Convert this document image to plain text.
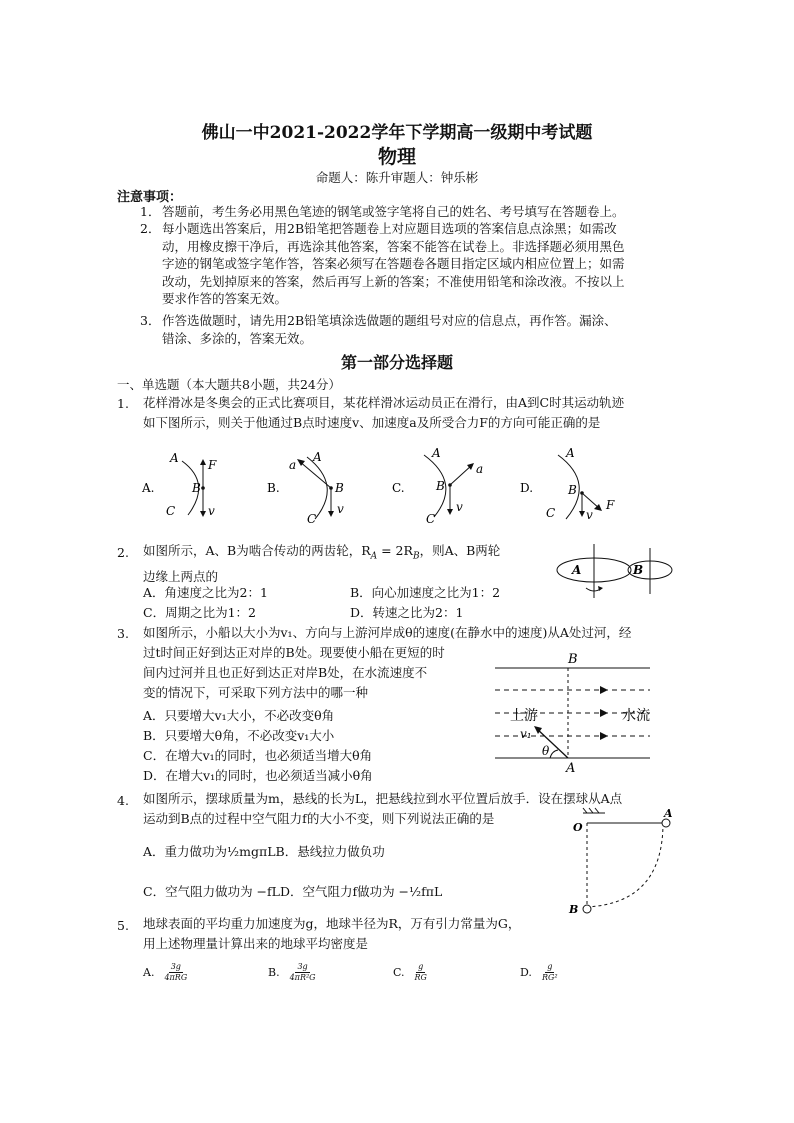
佛山一中2021-2022学年下学期高一级期中考试题
物理
命题人：陈升审题人：钟乐彬
注意事项：
1． 答题前，考生务必用黑色笔迹的钢笔或签字笔将自己的姓名、考号填写在答题卷上。
2． 每小题选出答案后，用2B铅笔把答题卷上对应题目选项的答案信息点涂黑；如需改
动，用橡皮擦干净后，再选涂其他答案，答案不能答在试卷上。非选择题必须用黑色
字迹的钢笔或签字笔作答，答案必须写在答题卷各题目指定区域内相应位置上；如需
改动，先划掉原来的答案，然后再写上新的答案；不准使用铅笔和涂改液。不按以上
要求作答的答案无效。
3． 作答选做题时，请先用2B铅笔填涂选做题的题组号对应的信息点，再作答。漏涂、
错涂、多涂的，答案无效。
第一部分选择题
一、单选题（本大题共8小题，共24分）
1. 花样滑冰是冬奥会的正式比赛项目，某花样滑冰运动员正在滑行，由A到C时其运动轨迹
如下图所示，则关于他通过B点时速度v、加速度a及所受合力F的方向可能正确的是
A.
A
B
C
F
v
B.
A
B
C
a
v
C.
A
B
C
a
v
D.
A
B
C
F
v
2. 如图所示，A、B为啮合传动的两齿轮，$R_A = 2R_B$，则A、B两轮
边缘上两点的
A．角速度之比为2：1	B．向心加速度之比为1：2
C．周期之比为1：2	D．转速之比为2：1
A	B
3. 如图所示，小船以大小为v₁、方向与上游河岸成θ的速度(在静水中的速度)从A处过河，经
过t时间正好到达正对岸的B处。现要使小船在更短的时
间内过河并且也正好到达正对岸B处，在水流速度不
变的情况下，可采取下列方法中的哪一种
A．只要增大v₁大小，不必改变θ角
B．只要增大θ角，不必改变v₁大小
C．在增大v₁的同时，也必须适当增大θ角
D．在增大v₁的同时，也必须适当减小θ角
B
A
上游	水流
v₁
θ
4. 如图所示，摆球质量为m，悬线的长为L，把悬线拉到水平位置后放手．设在摆球从A点
运动到B点的过程中空气阻力f的大小不变，则下列说法正确的是
A．重力做功为½mgπLB．悬线拉力做负功
C．空气阻力做功为 −fLD．空气阻力f做功为 −½fπL
O
A
B
5. 地球表面的平均重力加速度为g，地球半径为R，万有引力常量为G，
用上述物理量计算出来的地球平均密度是
A. 3g
4πRG	B. $\frac{3g}{\text{4πR²G}}$	C. $\frac{g}{RG}$	D. $\frac{g}{\text{RG²}}$
